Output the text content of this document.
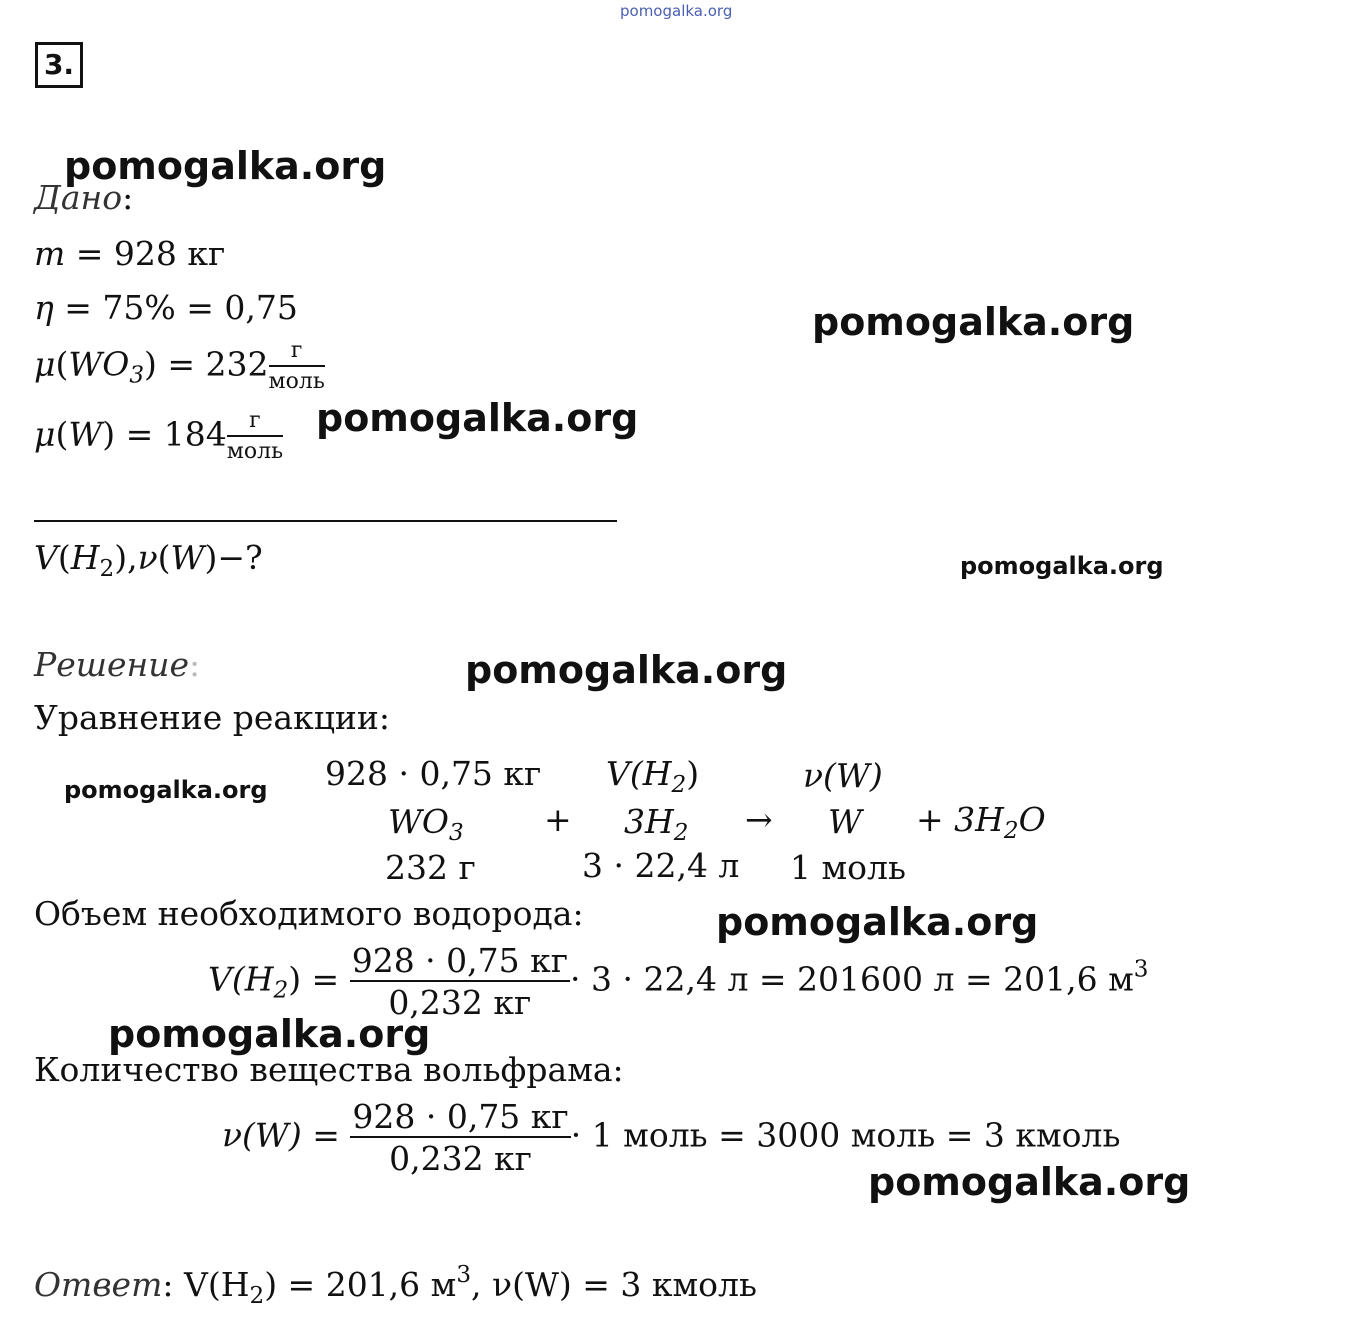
pomogalka.org
3.
Дано:
m = 928 кг
η = 75% = 0,75
$\mu(WO_3) = 232 \frac{г}{\text{моль}}$
$\mu(W) = 184 \frac{г}{\text{моль}}$
$V(H_2),\nu(W)-$?
Решение:
Уравнение реакции:
928 · 0,75 кг $V(H_2)$	ν(W)
$WO_3 + 3H_2 \to W + 3H_2O$
232 г	3 · 22,4 л 1 моль
Объем необходимого водорода:
$V(H_2) = \frac{928 \cdot 0,75 кг}{0,232 кг} \cdot 3 \cdot 22,4$ л = 201600 л = 201,6 $м^3$
Количество вещества вольфрама:
$\nu(W) = \frac{928 \cdot 0,75 кг}{0,232 кг} \cdot 1$ моль = 3000 моль = 3 кмоль
Ответ: $V(H_2) = 201,6$ $м^3$, ν(W) = 3 кмоль
pomogalka.org
pomogalka.org
pomogalka.org
pomogalka.org
pomogalka.org
pomogalka.org
pomogalka.org
pomogalka.org
pomogalka.org
